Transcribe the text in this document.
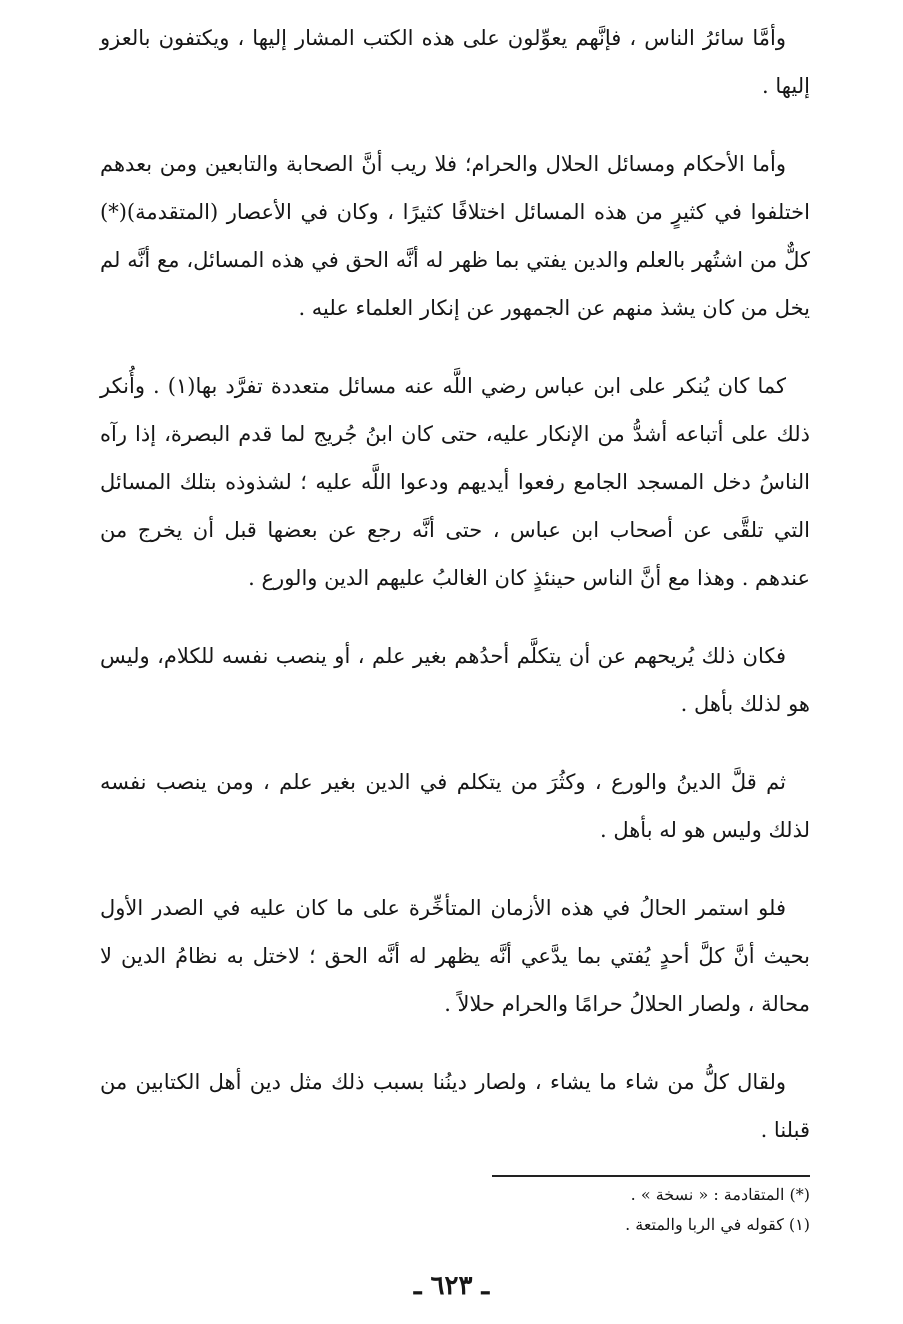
وأمَّا سائرُ الناس ، فإنَّهم يعوِّلون على هذه الكتب المشار إليها ، ويكتفون بالعزو إليها .

وأما الأحكام ومسائل الحلال والحرام؛ فلا ريب أنَّ الصحابة والتابعين ومن بعدهم اختلفوا في كثيرٍ من هذه المسائل اختلافًا كثيرًا ، وكان في الأعصار (المتقدمة)(*) كلٌّ من اشتُهر بالعلم والدين يفتي بما ظهر له أنَّه الحق في هذه المسائل، مع أنَّه لم يخل من كان يشذ منهم عن الجمهور عن إنكار العلماء عليه .

كما كان يُنكر على ابن عباس رضي اللَّه عنه مسائل متعددة تفرَّد بها(١) . وأُنكر ذلك على أتباعه أشدُّ من الإنكار عليه، حتى كان ابنُ جُريج لما قدم البصرة، إذا رآه الناسُ دخل المسجد الجامع رفعوا أيديهم ودعوا اللَّه عليه ؛ لشذوذه بتلك المسائل التي تلقَّى عن أصحاب ابن عباس ، حتى أنَّه رجع عن بعضها قبل أن يخرج من عندهم . وهذا مع أنَّ الناس حينئذٍ كان الغالبُ عليهم الدين والورع .

فكان ذلك يُريحهم عن أن يتكلَّم أحدُهم بغير علم ، أو ينصب نفسه للكلام، وليس هو لذلك بأهل .

ثم قلَّ الدينُ والورع ، وكثُرَ من يتكلم في الدين بغير علم ، ومن ينصب نفسه لذلك وليس هو له بأهل .

فلو استمر الحالُ في هذه الأزمان المتأخِّرة على ما كان عليه في الصدر الأول بحيث أنَّ كلَّ أحدٍ يُفتي بما يدَّعي أنَّه يظهر له أنَّه الحق ؛ لاختل به نظامُ الدين لا محالة ، ولصار الحلالُ حرامًا والحرام حلالاً .

ولقال كلُّ من شاء ما يشاء ، ولصار دينُنا بسبب ذلك مثل دين أهل الكتابين من قبلنا .

(*) المتقادمة : « نسخة » .

(١) كقوله في الربا والمتعة .

ـ ٦٢٣ ـ
